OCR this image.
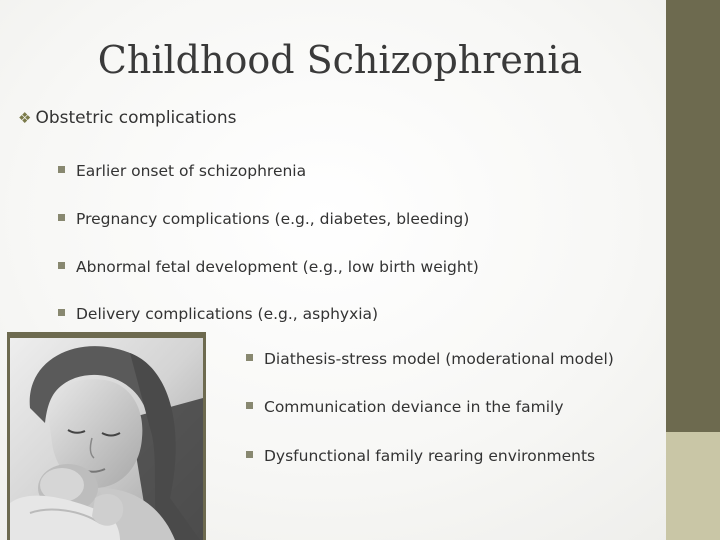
Childhood Schizophrenia
❖ Obstetric complications
Earlier onset of schizophrenia
Pregnancy complications (e.g., diabetes, bleeding)
Abnormal fetal development (e.g., low birth weight)
Delivery complications (e.g., asphyxia)
Diathesis-stress model (moderational model)
Communication deviance in the family
Dysfunctional family rearing environments
